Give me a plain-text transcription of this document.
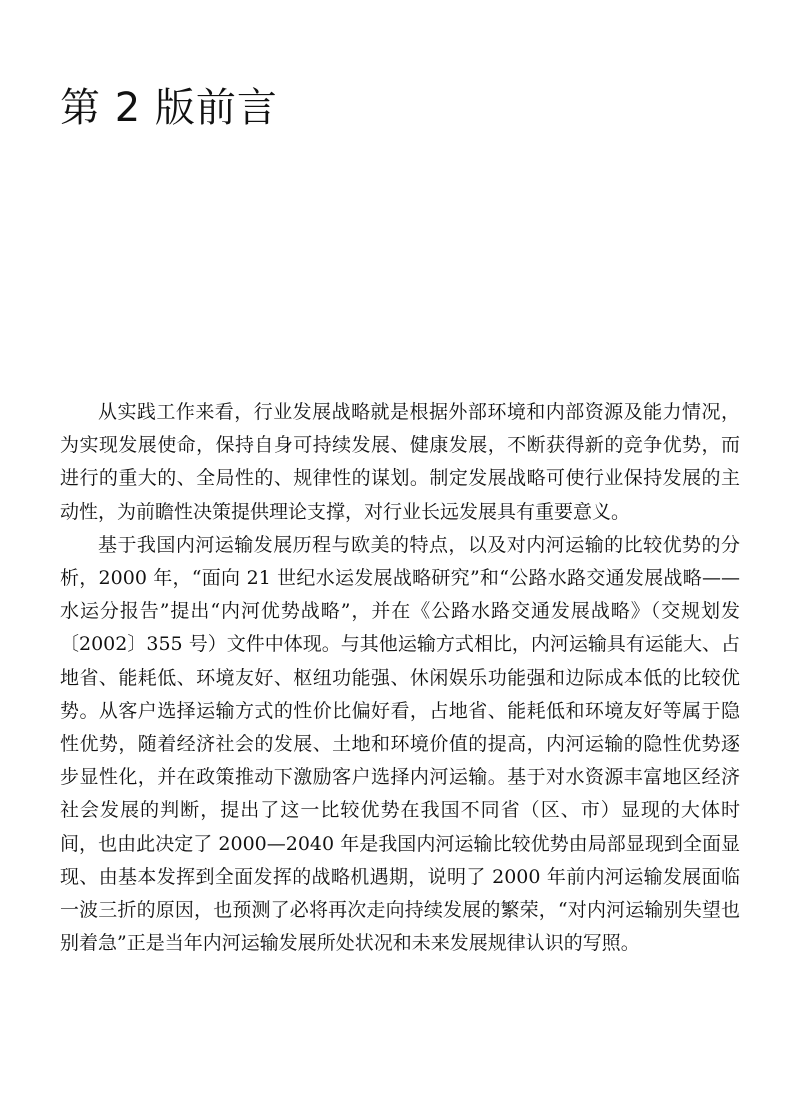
第 2 版前言

从实践工作来看，行业发展战略就是根据外部环境和内部资源及能力情况，为实现发展使命，保持自身可持续发展、健康发展，不断获得新的竞争优势，而进行的重大的、全局性的、规律性的谋划。制定发展战略可使行业保持发展的主动性，为前瞻性决策提供理论支撑，对行业长远发展具有重要意义。

基于我国内河运输发展历程与欧美的特点，以及对内河运输的比较优势的分析，2000 年，“面向 21 世纪水运发展战略研究”和“公路水路交通发展战略——水运分报告”提出“内河优势战略”，并在《公路水路交通发展战略》（交规划发〔2002〕355 号）文件中体现。与其他运输方式相比，内河运输具有运能大、占地省、能耗低、环境友好、枢纽功能强、休闲娱乐功能强和边际成本低的比较优势。从客户选择运输方式的性价比偏好看，占地省、能耗低和环境友好等属于隐性优势，随着经济社会的发展、土地和环境价值的提高，内河运输的隐性优势逐步显性化，并在政策推动下激励客户选择内河运输。基于对水资源丰富地区经济社会发展的判断，提出了这一比较优势在我国不同省（区、市）显现的大体时间，也由此决定了 2000—2040 年是我国内河运输比较优势由局部显现到全面显现、由基本发挥到全面发挥的战略机遇期，说明了 2000 年前内河运输发展面临一波三折的原因，也预测了必将再次走向持续发展的繁荣，“对内河运输别失望也别着急”正是当年内河运输发展所处状况和未来发展规律认识的写照。
